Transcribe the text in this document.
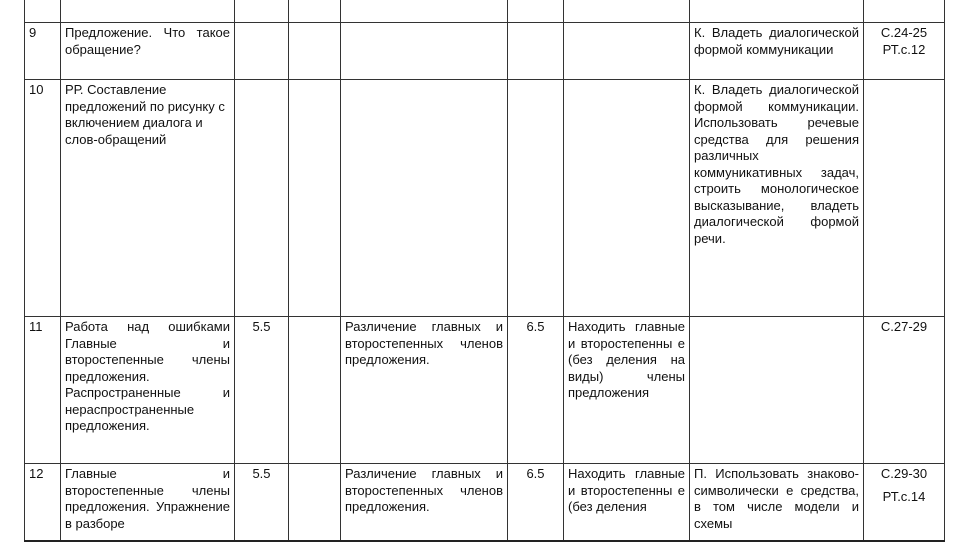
9	Предложение. Что такое обращение?						К. Владеть диалогической формой коммуникации	С.24-25
РТ.с.12

10	РР. Составление предложений по рисунку с включением диалога и слов-обращений						К. Владеть диалогической формой коммуникации. Использовать речевые средства для решения различных коммуникативных задач, строить монологическое высказывание, владеть диалогической формой речи.	
11	Работа над ошибками Главные и второстепенные члены предложения. Распространенные и нераспространенные предложения.	5.5		Различение главных и второстепенных членов предложения.	6.5	Находить главные и второстепенны е (без деления на виды) члены предложения		С.27-29

12	Главные и второстепенные члены предложения. Упражнение в разборе	5.5		Различение главных и второстепенных членов предложения.	6.5	Находить главные и второстепенны е (без деления	П. Использовать знаково-символически е средства, в том числе модели и схемы	С.29-30
РТ.с.14
